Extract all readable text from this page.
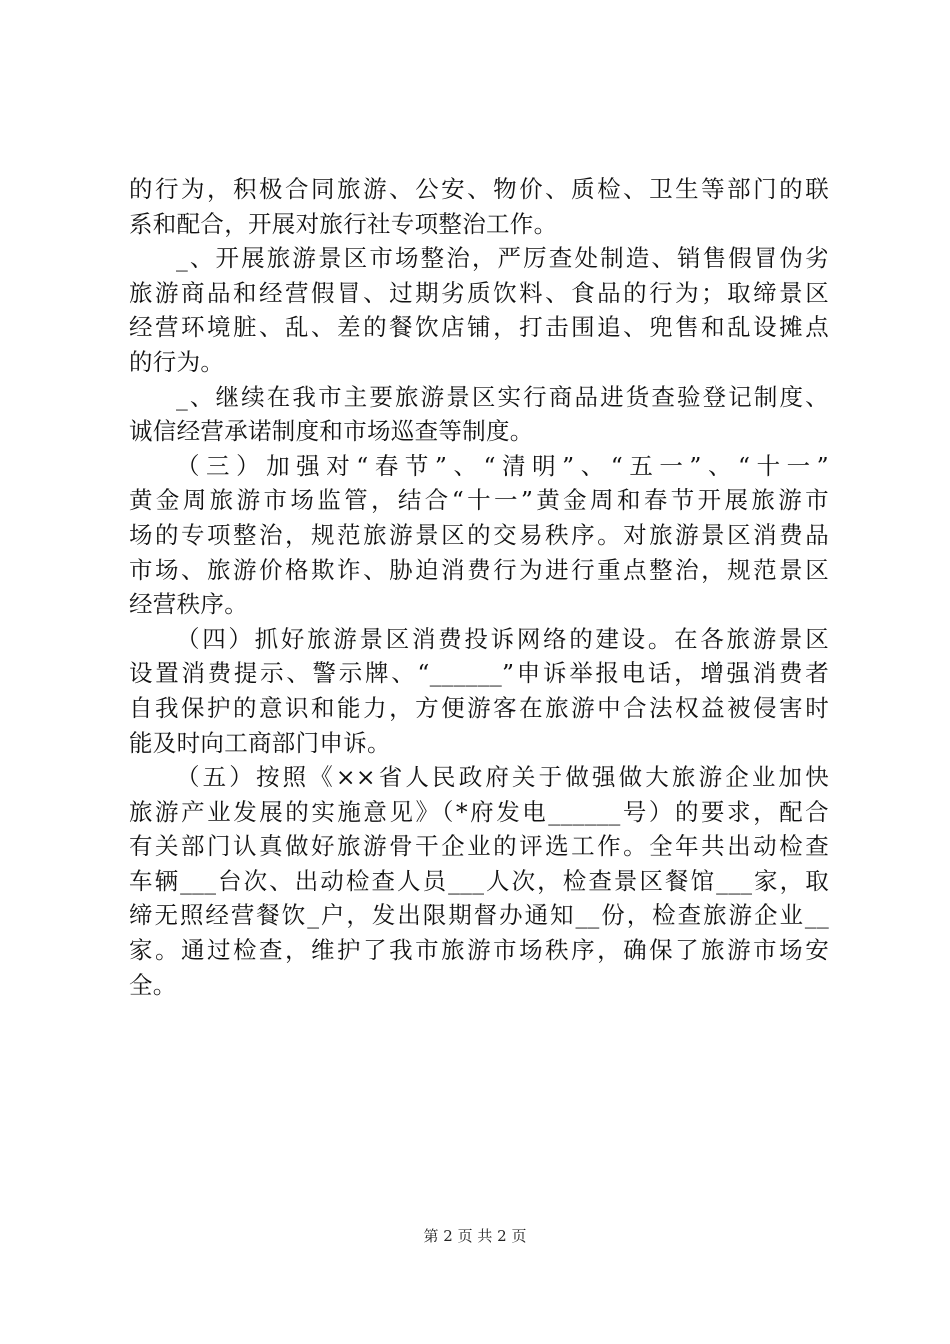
的行为，积极合同旅游、公安、物价、质检、卫生等部门的联
系和配合，开展对旅行社专项整治工作。
_、开展旅游景区市场整治，严厉查处制造、销售假冒伪劣
旅游商品和经营假冒、过期劣质饮料、食品的行为；取缔景区
经营环境脏、乱、差的餐饮店铺，打击围追、兜售和乱设摊点
的行为。
_、继续在我市主要旅游景区实行商品进货查验登记制度、
诚信经营承诺制度和市场巡查等制度。
（三）加强对“春节”、“清明”、“五一”、“十一”
黄金周旅游市场监管，结合“十一”黄金周和春节开展旅游市
场的专项整治，规范旅游景区的交易秩序。对旅游景区消费品
市场、旅游价格欺诈、胁迫消费行为进行重点整治，规范景区
经营秩序。
（四）抓好旅游景区消费投诉网络的建设。在各旅游景区
设置消费提示、警示牌、“______”申诉举报电话，增强消费者
自我保护的意识和能力，方便游客在旅游中合法权益被侵害时
能及时向工商部门申诉。
（五）按照《××省人民政府关于做强做大旅游企业加快
旅游产业发展的实施意见》（*府发电______号）的要求，配合
有关部门认真做好旅游骨干企业的评选工作。全年共出动检查
车辆___台次、出动检查人员___人次，检查景区餐馆___家，取
缔无照经营餐饮_户，发出限期督办通知__份，检查旅游企业__
家。通过检查，维护了我市旅游市场秩序，确保了旅游市场安
全。
第 2 页 共 2 页
